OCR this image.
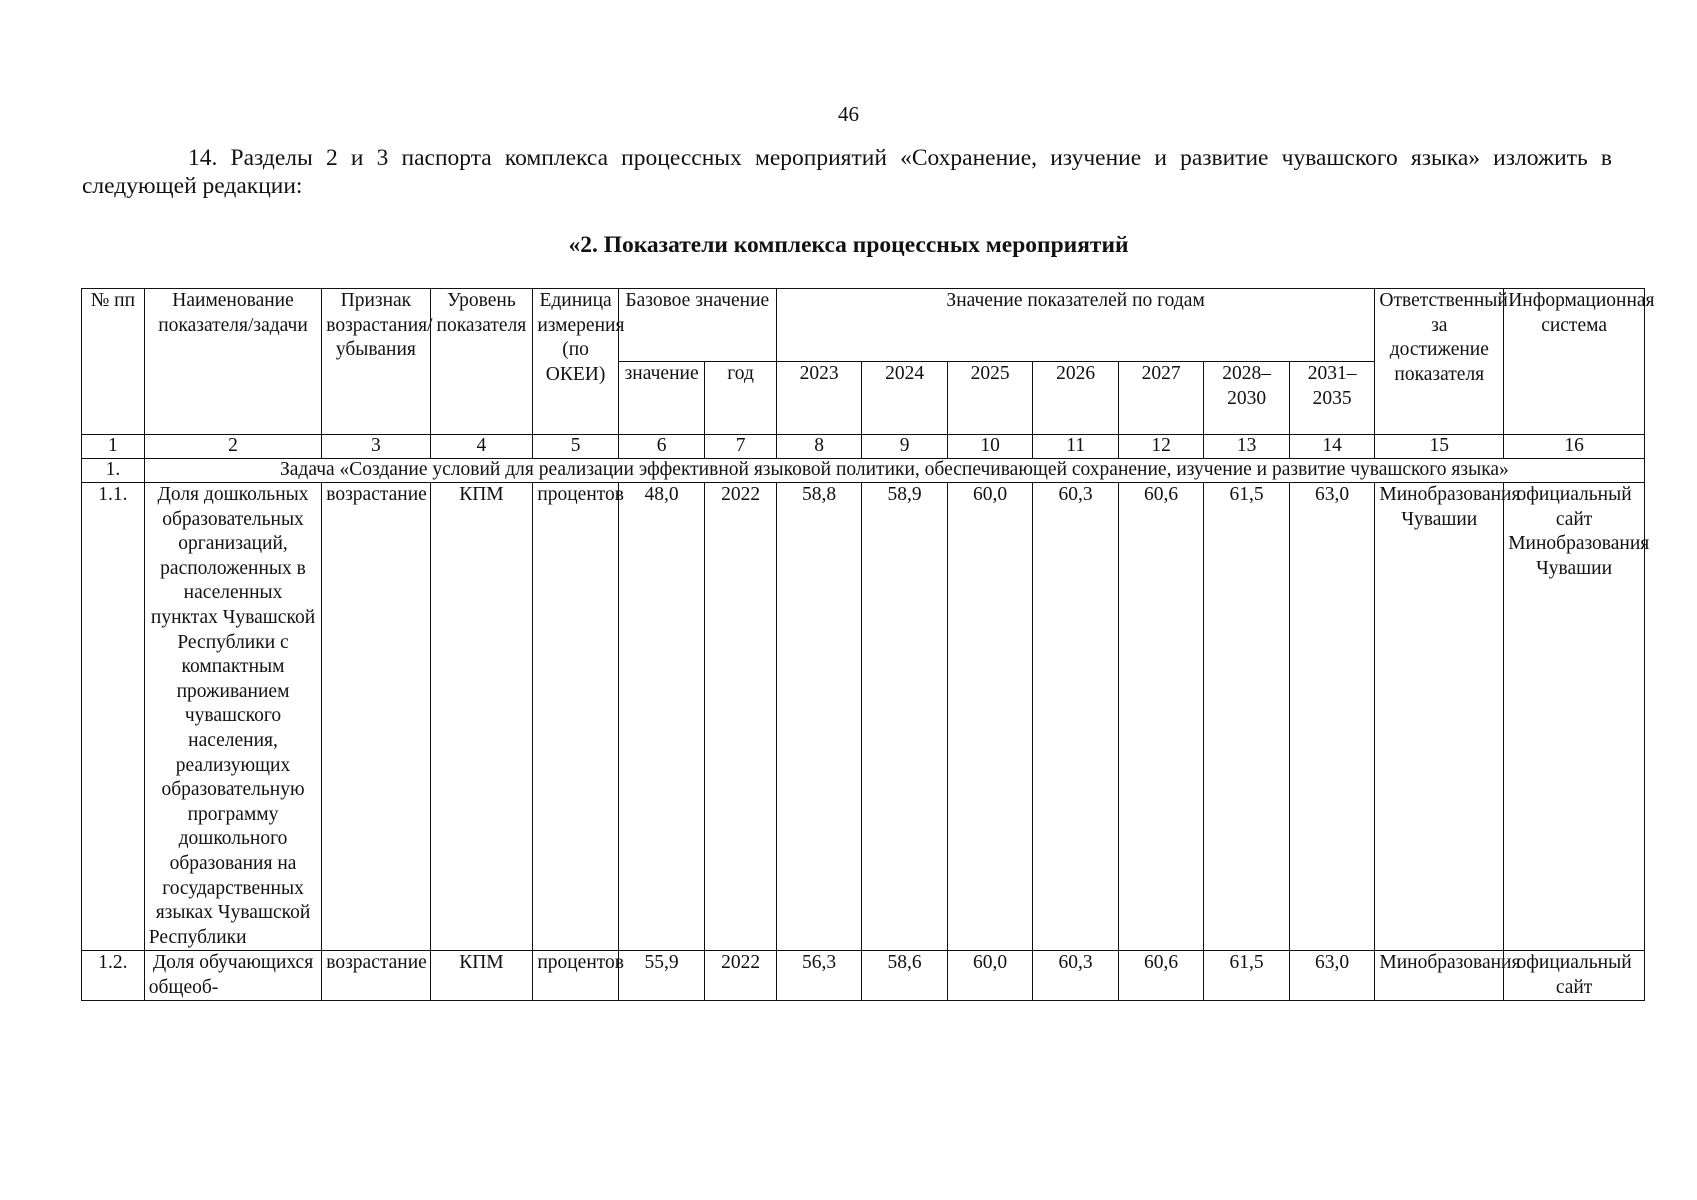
46

14. Разделы 2 и 3 паспорта комплекса процессных мероприятий «Сохранение, изучение и развитие чувашского языка» изложить в следующей редакции:

«2. Показатели комплекса процессных мероприятий
№ пп	Наименование показателя/задачи	Признак возрастания/убывания	Уровень показателя	Единица измерения (по ОКЕИ)	Базовое значение		Значение показателей по годам							Ответственный за достижение показателя	Информационная система
					значение	год	2023	2024	2025	2026	2027	2028–2030	2031–2035		
1	2	3	4	5	6	7	8	9	10	11	12	13	14	15	16
1.	Задача «Создание условий для реализации эффективной языковой политики, обеспечивающей сохранение, изучение и развитие чувашского языка»														
1.1.	Доля дошкольных образовательных организаций, расположенных в населенных пунктах Чувашской Республики с компактным проживанием чувашского населения, реализующих образовательную программу дошкольного образования на государственных языках Чувашской Республики	возрастание	КПМ	процентов	48,0	2022	58,8	58,9	60,0	60,3	60,6	61,5	63,0	Минобразования Чувашии	официальный сайт Минобразования Чувашии
1.2.	Доля обучающихся общеоб-	возрастание	КПМ	процентов	55,9	2022	56,3	58,6	60,0	60,3	60,6	61,5	63,0	Минобразования	официальный сайт
